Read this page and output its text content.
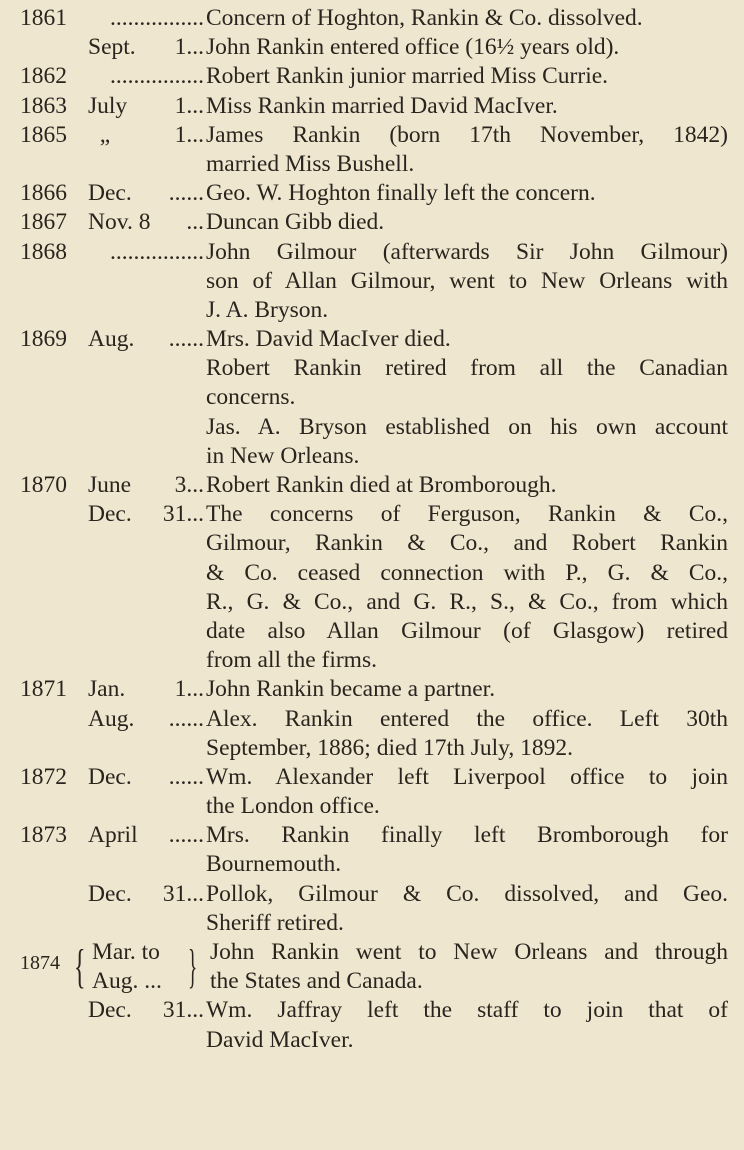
1861 ................ Concern of Hoghton, Rankin & Co. dissolved.
Sept. 1... John Rankin entered office (16½ years old).
1862 ................ Robert Rankin junior married Miss Currie.
1863 July 1... Miss Rankin married David MacIver.
1865 „	1... James Rankin (born 17th November, 1842)
married Miss Bushell.
1866 Dec. ...... Geo. W. Hoghton finally left the concern.
1867 Nov. 8 ... Duncan Gibb died.
1868 ................ John Gilmour (afterwards Sir John Gilmour)
son of Allan Gilmour, went to New Orleans with
J. A. Bryson.
1869 Aug. ...... Mrs. David MacIver died.
Robert Rankin retired from all the Canadian
concerns.
Jas. A. Bryson established on his own account
in New Orleans.
1870 June 3... Robert Rankin died at Bromborough.
Dec. 31... The concerns of Ferguson, Rankin & Co.,
Gilmour, Rankin & Co., and Robert Rankin
& Co. ceased connection with P., G. & Co.,
R., G. & Co., and G. R., S., & Co., from which
date also Allan Gilmour (of Glasgow) retired
from all the firms.
1871 Jan. 1... John Rankin became a partner.
Aug. ...... Alex. Rankin entered the office. Left 30th
September, 1886; died 17th July, 1892.
1872 Dec. ...... Wm. Alexander left Liverpool office to join
the London office.
1873 April ...... Mrs. Rankin finally left Bromborough for
Bournemouth.
Dec. 31... Pollok, Gilmour & Co. dissolved, and Geo.
Sheriff retired.
1874 { }
Mar. to
Aug. ...
John Rankin went to New Orleans and through
the States and Canada.
Dec. 31... Wm. Jaffray left the staff to join that of
David MacIver.
